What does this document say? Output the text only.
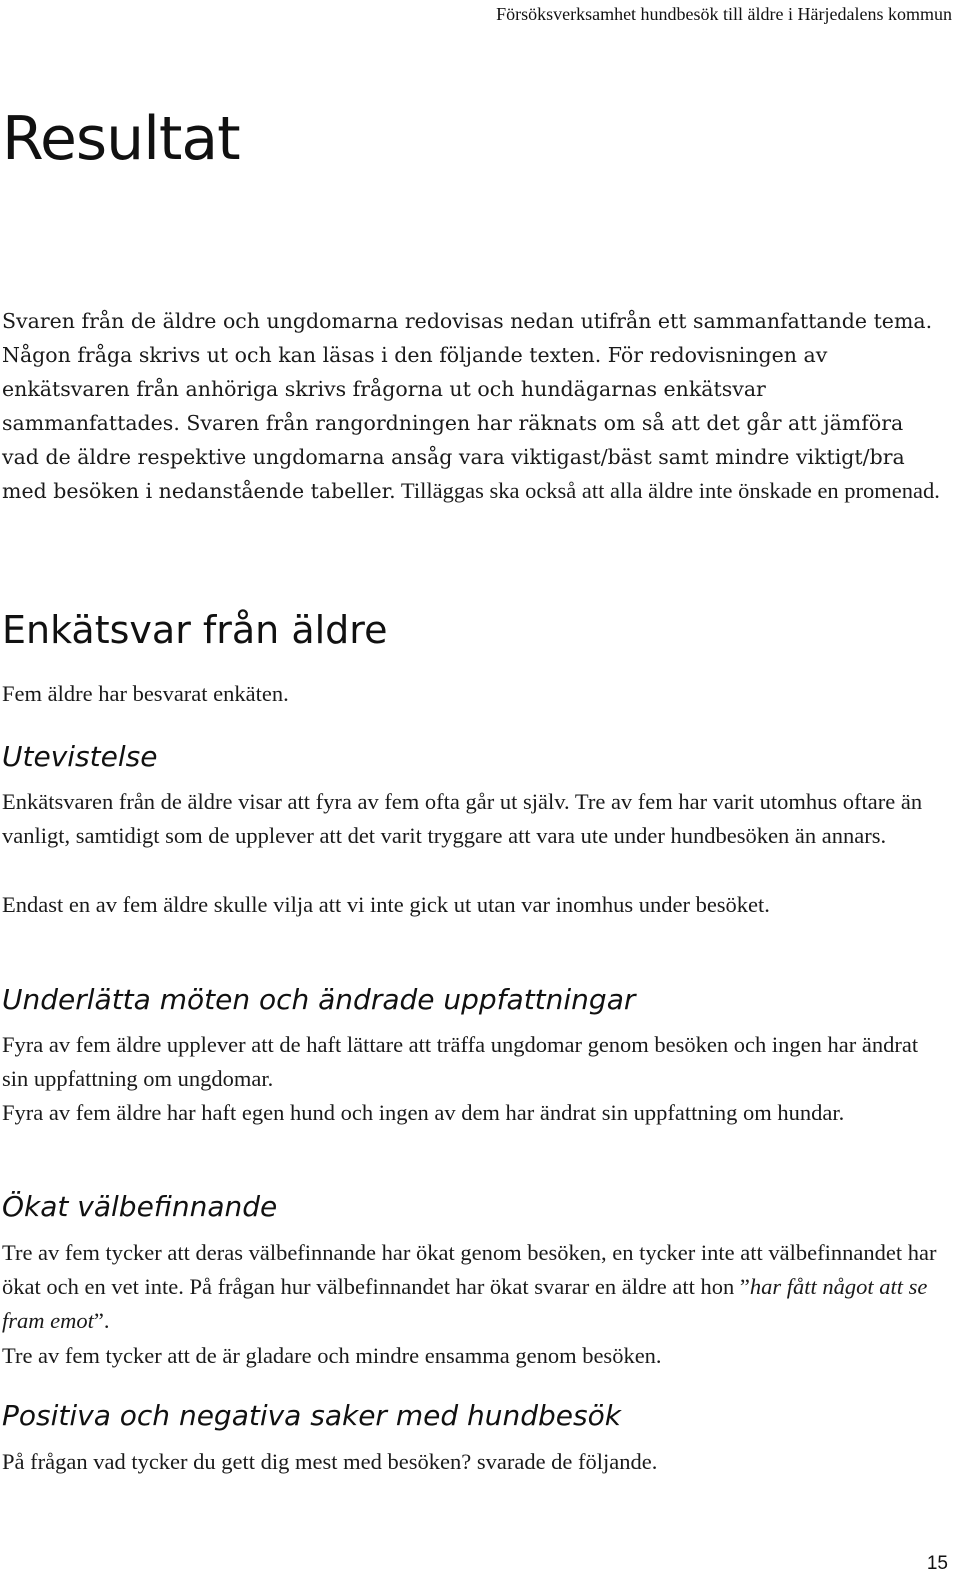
Försöksverksamhet hundbesök till äldre i Härjedalens kommun
Resultat

Svaren från de äldre och ungdomarna redovisas nedan utifrån ett sammanfattande tema. Någon fråga skrivs ut och kan läsas i den följande texten. För redovisningen av enkätsvaren från anhöriga skrivs frågorna ut och hundägarnas enkätsvar sammanfattades. Svaren från rangordningen har räknats om så att det går att jämföra vad de äldre respektive ungdomarna ansåg vara viktigast/bäst samt mindre viktigt/bra med besöken i nedanstående tabeller. Tilläggas ska också att alla äldre inte önskade en promenad.

Enkätsvar från äldre

Fem äldre har besvarat enkäten.

Utevistelse

Enkätsvaren från de äldre visar att fyra av fem ofta går ut själv. Tre av fem har varit utomhus oftare än vanligt, samtidigt som de upplever att det varit tryggare att vara ute under hundbesöken än annars.

Endast en av fem äldre skulle vilja att vi inte gick ut utan var inomhus under besöket.

Underlätta möten och ändrade uppfattningar

Fyra av fem äldre upplever att de haft lättare att träffa ungdomar genom besöken och ingen har ändrat sin uppfattning om ungdomar.

Fyra av fem äldre har haft egen hund och ingen av dem har ändrat sin uppfattning om hundar.

Ökat välbefinnande

Tre av fem tycker att deras välbefinnande har ökat genom besöken, en tycker inte att välbefinnandet har ökat och en vet inte. På frågan hur välbefinnandet har ökat svarar en äldre att hon ”har fått något att se fram emot”.

Tre av fem tycker att de är gladare och mindre ensamma genom besöken.

Positiva och negativa saker med hundbesök

På frågan vad tycker du gett dig mest med besöken? svarade de följande.

15
